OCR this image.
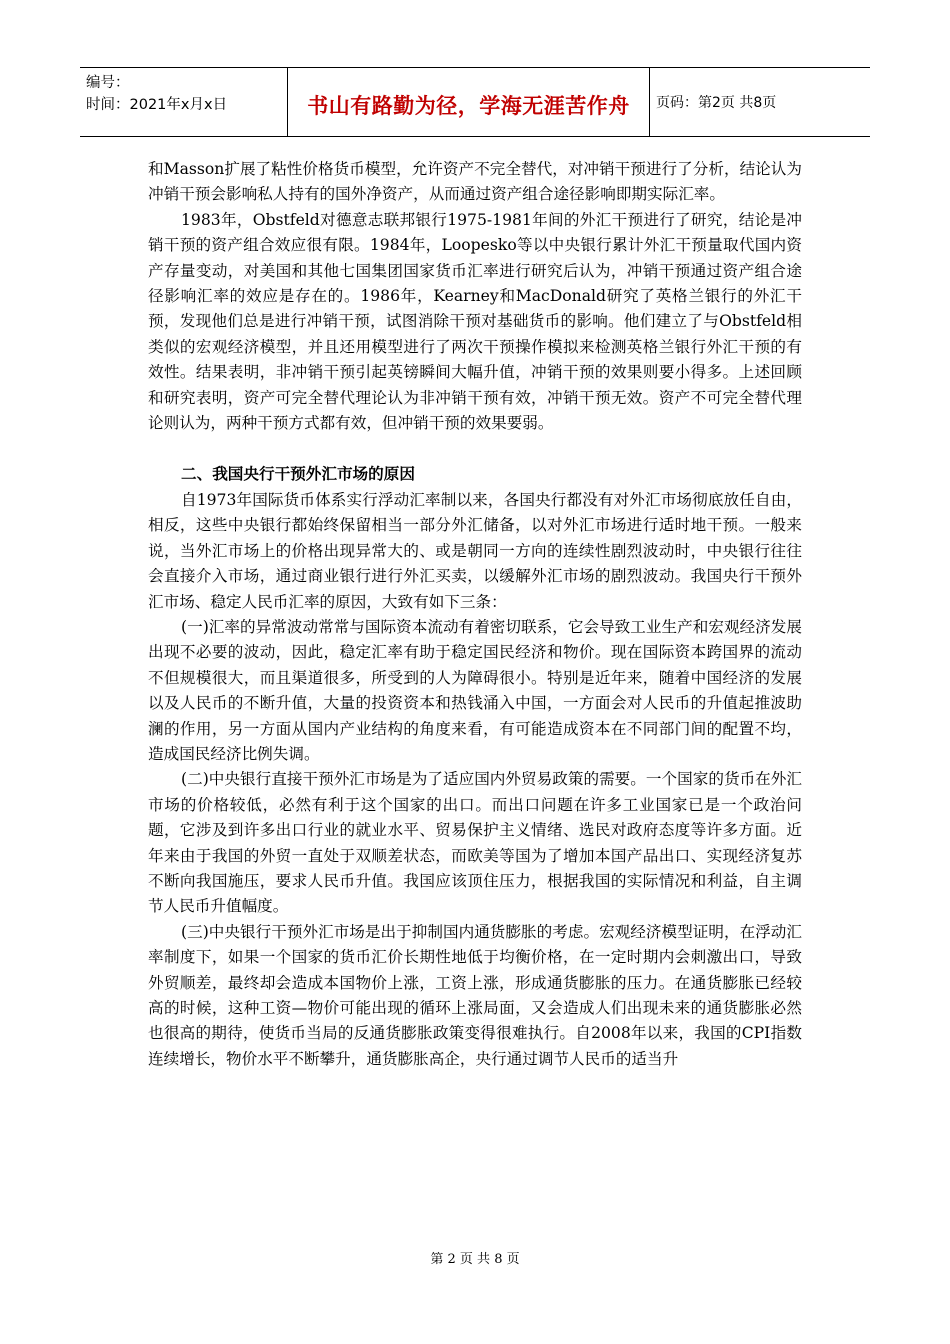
编号：
时间：2021年x月x日	书山有路勤为径，学海无涯苦作舟 页码：第2页 共8页

和Masson扩展了粘性价格货币模型，允许资产不完全替代，对冲销干预进行了分析，结论认为冲销干预会影响私人持有的国外净资产，从而通过资产组合途径影响即期实际汇率。

1983年，Obstfeld对德意志联邦银行1975-1981年间的外汇干预进行了研究，结论是冲销干预的资产组合效应很有限。1984年，Loopesko等以中央银行累计外汇干预量取代国内资产存量变动，对美国和其他七国集团国家货币汇率进行研究后认为，冲销干预通过资产组合途径影响汇率的效应是存在的。1986年，Kearney和MacDonald研究了英格兰银行的外汇干预，发现他们总是进行冲销干预，试图消除干预对基础货币的影响。他们建立了与Obstfeld相类似的宏观经济模型，并且还用模型进行了两次干预操作模拟来检测英格兰银行外汇干预的有效性。结果表明，非冲销干预引起英镑瞬间大幅升值，冲销干预的效果则要小得多。上述回顾和研究表明，资产可完全替代理论认为非冲销干预有效，冲销干预无效。资产不可完全替代理论则认为，两种干预方式都有效，但冲销干预的效果要弱。

二、我国央行干预外汇市场的原因

自1973年国际货币体系实行浮动汇率制以来，各国央行都没有对外汇市场彻底放任自由，相反，这些中央银行都始终保留相当一部分外汇储备，以对外汇市场进行适时地干预。一般来说，当外汇市场上的价格出现异常大的、或是朝同一方向的连续性剧烈波动时，中央银行往往会直接介入市场，通过商业银行进行外汇买卖，以缓解外汇市场的剧烈波动。我国央行干预外汇市场、稳定人民币汇率的原因，大致有如下三条：

(一)汇率的异常波动常常与国际资本流动有着密切联系，它会导致工业生产和宏观经济发展出现不必要的波动，因此，稳定汇率有助于稳定国民经济和物价。现在国际资本跨国界的流动不但规模很大，而且渠道很多，所受到的人为障碍很小。特别是近年来，随着中国经济的发展以及人民币的不断升值，大量的投资资本和热钱涌入中国，一方面会对人民币的升值起推波助澜的作用，另一方面从国内产业结构的角度来看，有可能造成资本在不同部门间的配置不均，造成国民经济比例失调。

(二)中央银行直接干预外汇市场是为了适应国内外贸易政策的需要。一个国家的货币在外汇市场的价格较低，必然有利于这个国家的出口。而出口问题在许多工业国家已是一个政治问题，它涉及到许多出口行业的就业水平、贸易保护主义情绪、选民对政府态度等许多方面。近年来由于我国的外贸一直处于双顺差状态，而欧美等国为了增加本国产品出口、实现经济复苏不断向我国施压，要求人民币升值。我国应该顶住压力，根据我国的实际情况和利益，自主调节人民币升值幅度。

(三)中央银行干预外汇市场是出于抑制国内通货膨胀的考虑。宏观经济模型证明，在浮动汇率制度下，如果一个国家的货币汇价长期性地低于均衡价格，在一定时期内会刺激出口，导致外贸顺差，最终却会造成本国物价上涨，工资上涨，形成通货膨胀的压力。在通货膨胀已经较高的时候，这种工资—物价可能出现的循环上涨局面，又会造成人们出现未来的通货膨胀必然也很高的期待，使货币当局的反通货膨胀政策变得很难执行。自2008年以来，我国的CPI指数连续增长，物价水平不断攀升，通货膨胀高企，央行通过调节人民币的适当升

第 2 页 共 8 页
